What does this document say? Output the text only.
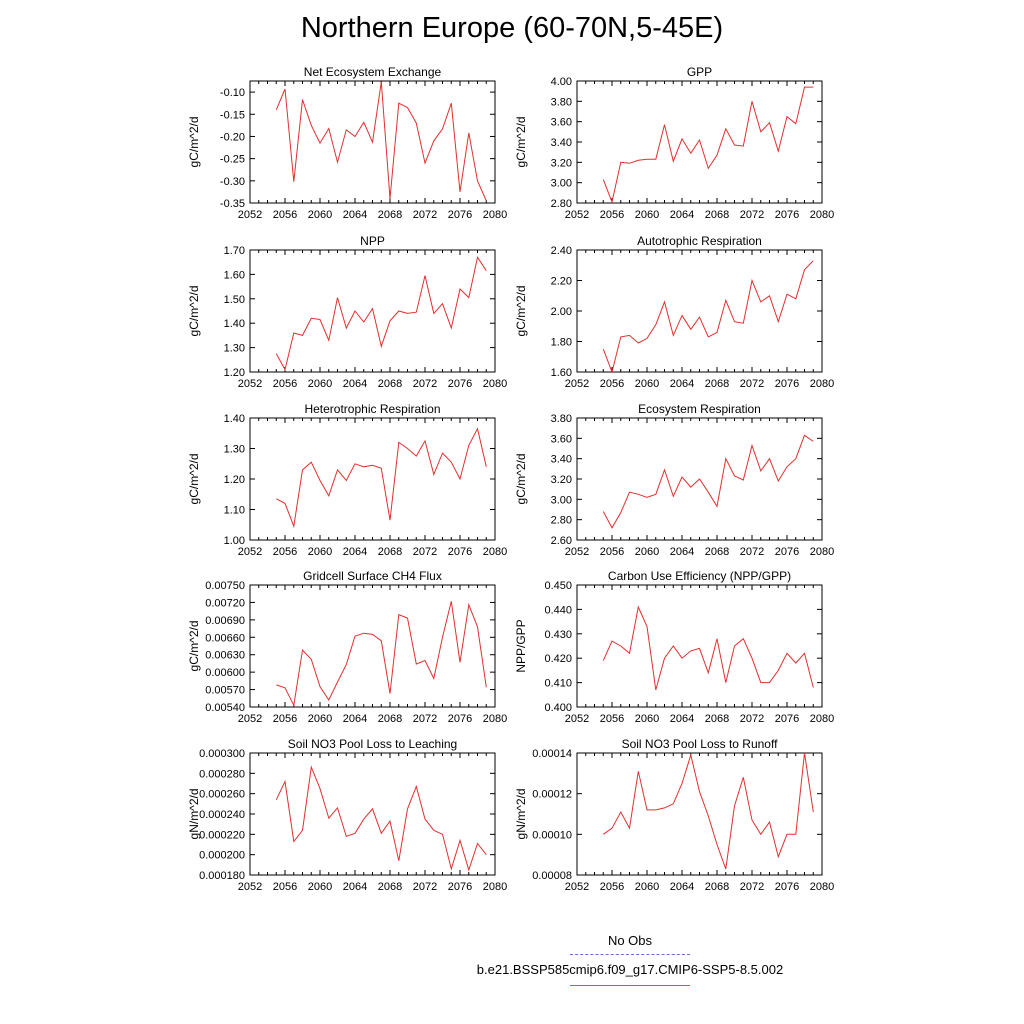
Northern Europe (60-70N,5-45E)
Net Ecosystem Exchange
gC/m^2/d
2052 2056 2060 2064 2068 2072 2076 2080
-0.10
-0.15
-0.20
-0.25
-0.30
-0.35
GPP
gC/m^2/d
2052 2056 2060 2064 2068 2072 2076 2080
4.00
3.80
3.60
3.40
3.20
3.00
2.80
NPP
gC/m^2/d
2052 2056 2060 2064 2068 2072 2076 2080
1.70
1.60
1.50
1.40
1.30
1.20
Autotrophic Respiration
gC/m^2/d
2052 2056 2060 2064 2068 2072 2076 2080
2.40
2.20
2.00
1.80
1.60
Heterotrophic Respiration
gC/m^2/d
2052 2056 2060 2064 2068 2072 2076 2080
1.40
1.30
1.20
1.10
1.00
Ecosystem Respiration
gC/m^2/d
2052 2056 2060 2064 2068 2072 2076 2080
3.80
3.60
3.40
3.20
3.00
2.80
2.60
Gridcell Surface CH4 Flux
gC/m^2/d
2052 2056 2060 2064 2068 2072 2076 2080
0.00750
0.00720
0.00690
0.00660
0.00630
0.00600
0.00570
0.00540
Carbon Use Efficiency (NPP/GPP)
NPP/GPP
2052 2056 2060 2064 2068 2072 2076 2080
0.450
0.440
0.430
0.420
0.410
0.400
Soil NO3 Pool Loss to Leaching
gN/m^2/d
2052 2056 2060 2064 2068 2072 2076 2080
0.000300
0.000280
0.000260
0.000240
0.000220
0.000200
0.000180
Soil NO3 Pool Loss to Runoff
gN/m^2/d
2052 2056 2060 2064 2068 2072 2076 2080
0.00014
0.00012
0.00010
0.00008
No Obs
b.e21.BSSP585cmip6.f09_g17.CMIP6-SSP5-8.5.002
